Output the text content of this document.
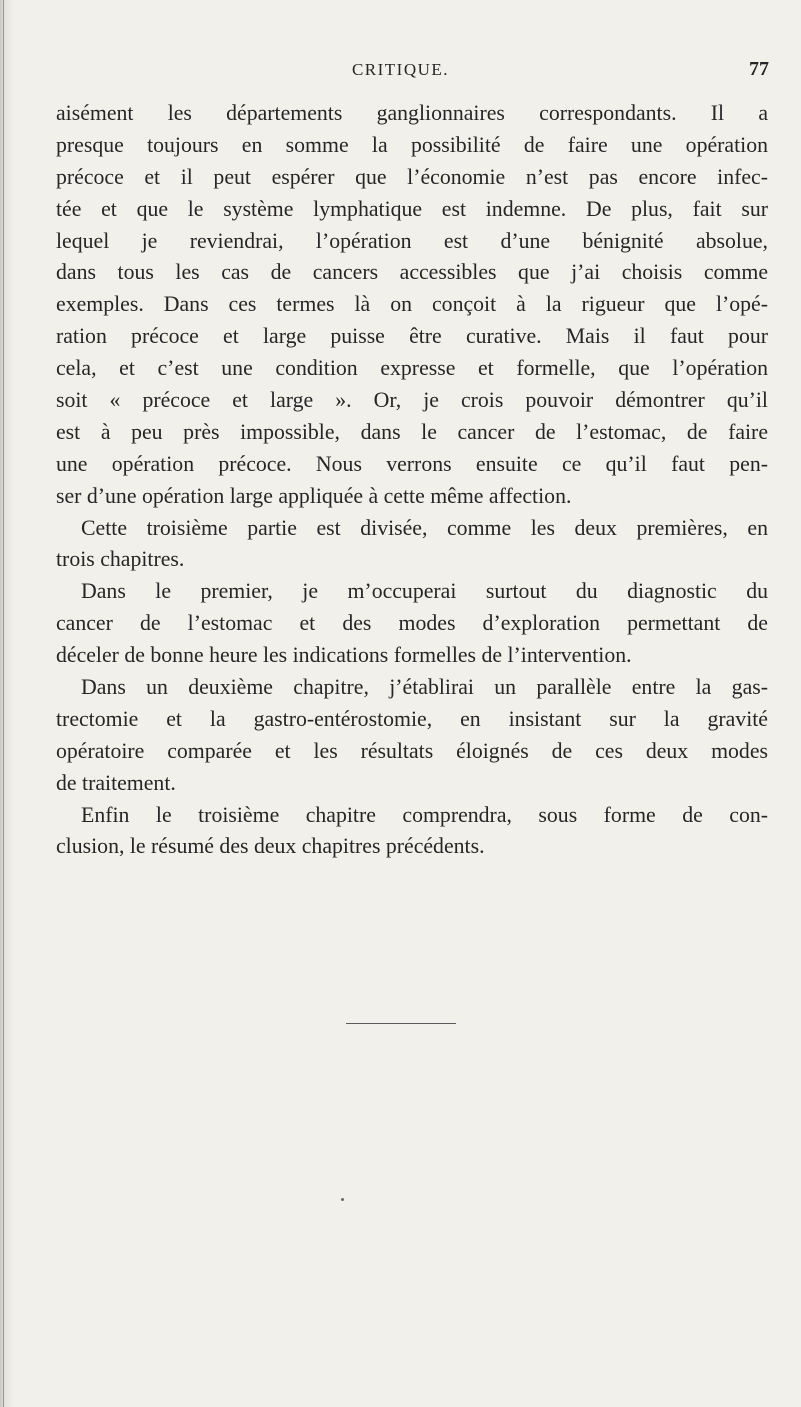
CRITIQUE.	77
aisément les départements ganglionnaires correspondants. Il a
presque toujours en somme la possibilité de faire une opération
précoce et il peut espérer que l’économie n’est pas encore infec-
tée et que le système lymphatique est indemne. De plus, fait sur
lequel je reviendrai, l’opération est d’une bénignité absolue,
dans tous les cas de cancers accessibles que j’ai choisis comme
exemples. Dans ces termes là on conçoit à la rigueur que l’opé-
ration précoce et large puisse être curative. Mais il faut pour
cela, et c’est une condition expresse et formelle, que l’opération
soit « précoce et large ». Or, je crois pouvoir démontrer qu’il
est à peu près impossible, dans le cancer de l’estomac, de faire
une opération précoce. Nous verrons ensuite ce qu’il faut pen-
ser d’une opération large appliquée à cette même affection.
Cette troisième partie est divisée, comme les deux premières, en
trois chapitres.
Dans le premier, je m’occuperai surtout du diagnostic du
cancer de l’estomac et des modes d’exploration permettant de
déceler de bonne heure les indications formelles de l’intervention.
Dans un deuxième chapitre, j’établirai un parallèle entre la gas-
trectomie et la gastro-entérostomie, en insistant sur la gravité
opératoire comparée et les résultats éloignés de ces deux modes
de traitement.
Enfin le troisième chapitre comprendra, sous forme de con-
clusion, le résumé des deux chapitres précédents.
